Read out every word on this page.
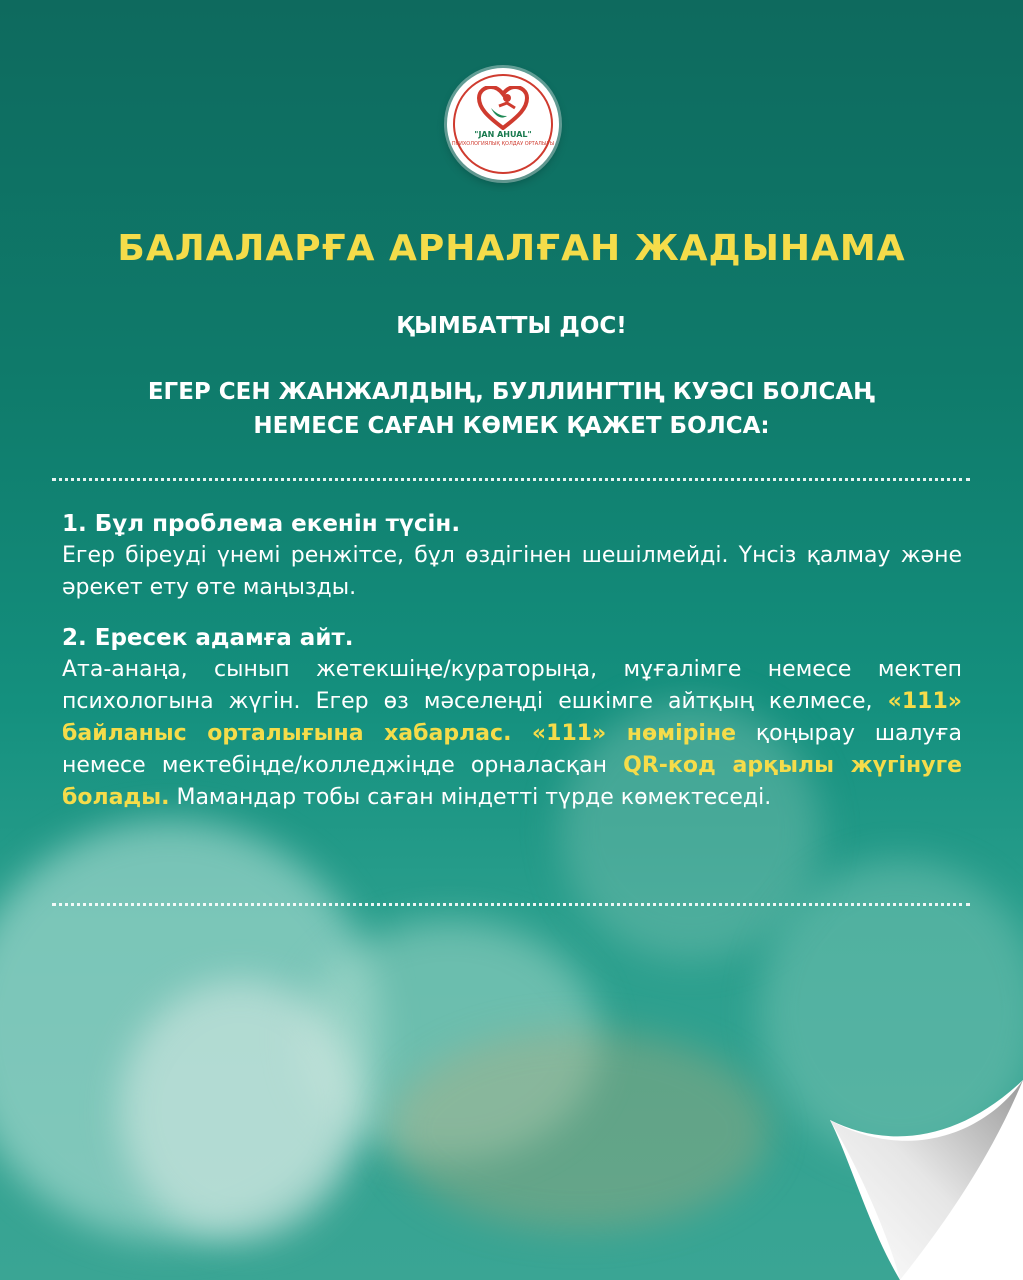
"JAN AHUAL"
ПСИХОЛОГИЯЛЫҚ ҚОЛДАУ ОРТАЛЫҒЫ
БАЛАЛАРҒА АРНАЛҒАН ЖАДЫНАМА
ҚЫМБАТТЫ ДОС!
ЕГЕР СЕН ЖАНЖАЛДЫҢ, БУЛЛИНГТІҢ КУӘСІ БОЛСАҢ
НЕМЕСЕ САҒАН КӨМЕК ҚАЖЕТ БОЛСА:
1. Бұл проблема екенін түсін.
Егер біреуді үнемі ренжітсе, бұл өздігінен шешілмейді. Үнсіз қалмау және әрекет ету өте маңызды.
2. Ересек адамға айт.
Ата-анаңа, сынып жетекшіңе/кураторыңа, мұғалімге немесе мектеп психологына жүгін. Егер өз мәселеңді ешкімге айтқың келмесе, «111» байланыс орталығына хабарлас. «111» нөміріне қоңырау шалуға немесе мектебіңде/колледжіңде орналасқан QR-код арқылы жүгінуге болады. Мамандар тобы саған міндетті түрде көмектеседі.
